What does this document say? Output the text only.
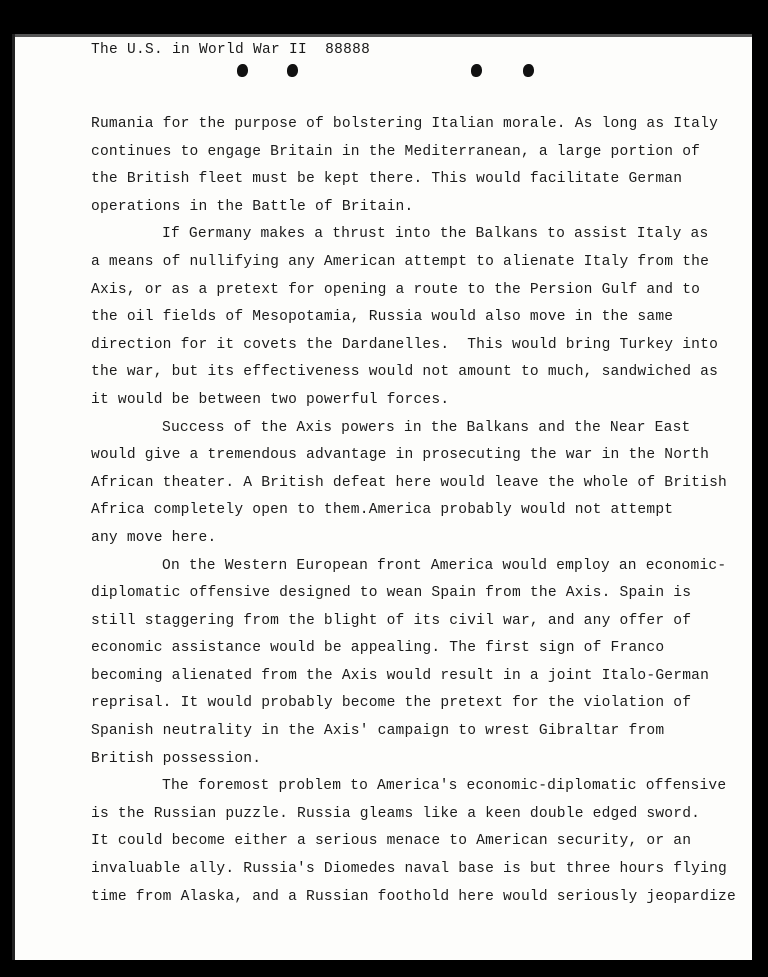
The U.S. in World War II 88888
Rumania for the purpose of bolstering Italian morale. As long as Italy
continues to engage Britain in the Mediterranean, a large portion of
the British fleet must be kept there. This would facilitate German
operations in the Battle of Britain.
If Germany makes a thrust into the Balkans to assist Italy as
a means of nullifying any American attempt to alienate Italy from the
Axis, or as a pretext for opening a route to the Persion Gulf and to
the oil fields of Mesopotamia, Russia would also move in the same
direction for it covets the Dardanelles.  This would bring Turkey into
the war, but its effectiveness would not amount to much, sandwiched as
it would be between two powerful forces.
Success of the Axis powers in the Balkans and the Near East
would give a tremendous advantage in prosecuting the war in the North
African theater. A British defeat here would leave the whole of British
Africa completely open to them.America probably would not attempt
any move here.
On the Western European front America would employ an economic-
diplomatic offensive designed to wean Spain from the Axis. Spain is
still staggering from the blight of its civil war, and any offer of
economic assistance would be appealing. The first sign of Franco
becoming alienated from the Axis would result in a joint Italo-German
reprisal. It would probably become the pretext for the violation of
Spanish neutrality in the Axis' campaign to wrest Gibraltar from
British possession.
The foremost problem to America's economic-diplomatic offensive
is the Russian puzzle. Russia gleams like a keen double edged sword.
It could become either a serious menace to American security, or an
invaluable ally. Russia's Diomedes naval base is but three hours flying
time from Alaska, and a Russian foothold here would seriously jeopardize
